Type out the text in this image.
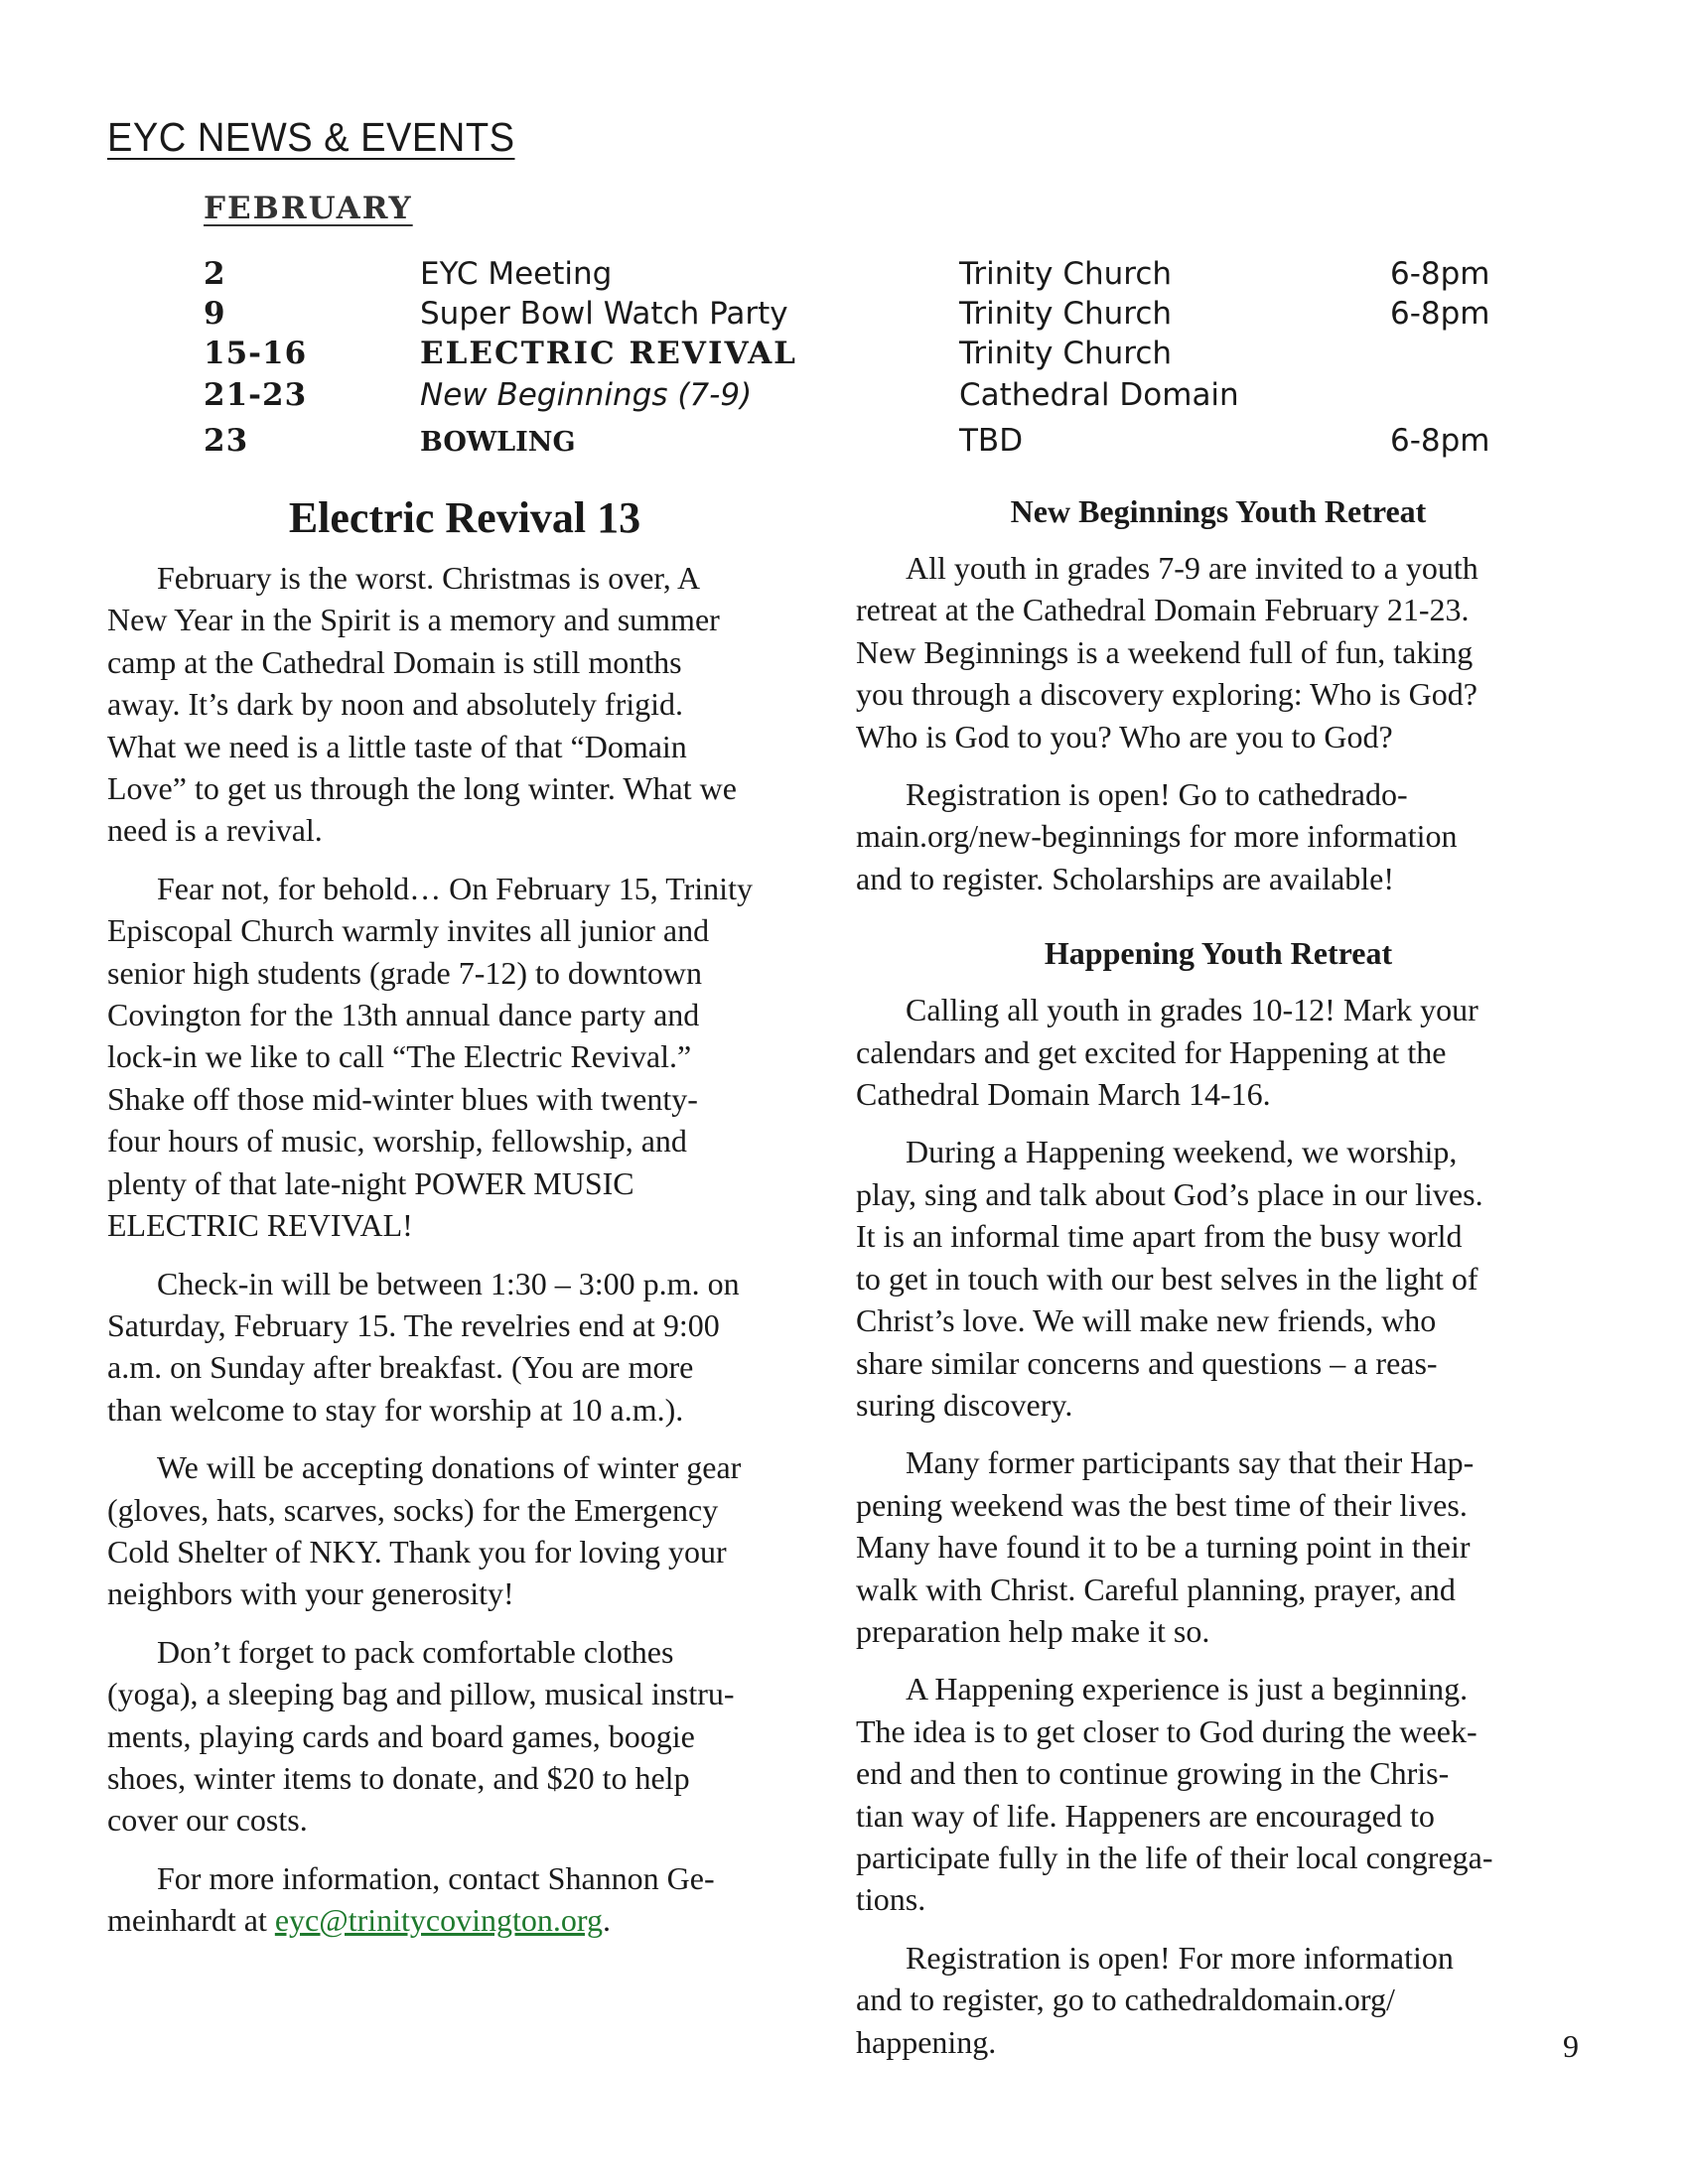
EYC NEWS & EVENTS
FEBRUARY
2	EYC Meeting	Trinity Church	6-8pm
9	Super Bowl Watch Party	Trinity Church	6-8pm
15-16	ELECTRIC REVIVAL	Trinity Church
21-23	New Beginnings (7-9)	Cathedral Domain
23	BOWLING	TBD	6-8pm
Electric Revival 13

February is the worst. Christmas is over, A
New Year in the Spirit is a memory and summer
camp at the Cathedral Domain is still months
away. It’s dark by noon and absolutely frigid.
What we need is a little taste of that “Domain
Love” to get us through the long winter. What we
need is a revival.

Fear not, for behold… On February 15, Trinity
Episcopal Church warmly invites all junior and
senior high students (grade 7-12) to downtown
Covington for the 13th annual dance party and
lock-in we like to call “The Electric Revival.”
Shake off those mid-winter blues with twenty-
four hours of music, worship, fellowship, and
plenty of that late-night POWER MUSIC
ELECTRIC REVIVAL!

Check-in will be between 1:30 – 3:00 p.m. on
Saturday, February 15. The revelries end at 9:00
a.m. on Sunday after breakfast. (You are more
than welcome to stay for worship at 10 a.m.).

We will be accepting donations of winter gear
(gloves, hats, scarves, socks) for the Emergency
Cold Shelter of NKY. Thank you for loving your
neighbors with your generosity!

Don’t forget to pack comfortable clothes
(yoga), a sleeping bag and pillow, musical instru-
ments, playing cards and board games, boogie
shoes, winter items to donate, and $20 to help
cover our costs.

For more information, contact Shannon Ge-
meinhardt at eyc@trinitycovington.org.

New Beginnings Youth Retreat

All youth in grades 7-9 are invited to a youth
retreat at the Cathedral Domain February 21-23.
New Beginnings is a weekend full of fun, taking
you through a discovery exploring: Who is God?
Who is God to you? Who are you to God?

Registration is open! Go to cathedrado-
main.org/new-beginnings for more information
and to register. Scholarships are available!

Happening Youth Retreat

Calling all youth in grades 10-12! Mark your
calendars and get excited for Happening at the
Cathedral Domain March 14-16.

During a Happening weekend, we worship,
play, sing and talk about God’s place in our lives.
It is an informal time apart from the busy world
to get in touch with our best selves in the light of
Christ’s love. We will make new friends, who
share similar concerns and questions – a reas-
suring discovery.

Many former participants say that their Hap-
pening weekend was the best time of their lives.
Many have found it to be a turning point in their
walk with Christ. Careful planning, prayer, and
preparation help make it so.

A Happening experience is just a beginning.
The idea is to get closer to God during the week-
end and then to continue growing in the Chris-
tian way of life. Happeners are encouraged to
participate fully in the life of their local congrega-
tions.

Registration is open! For more information
and to register, go to cathedraldomain.org/
happening.	9
